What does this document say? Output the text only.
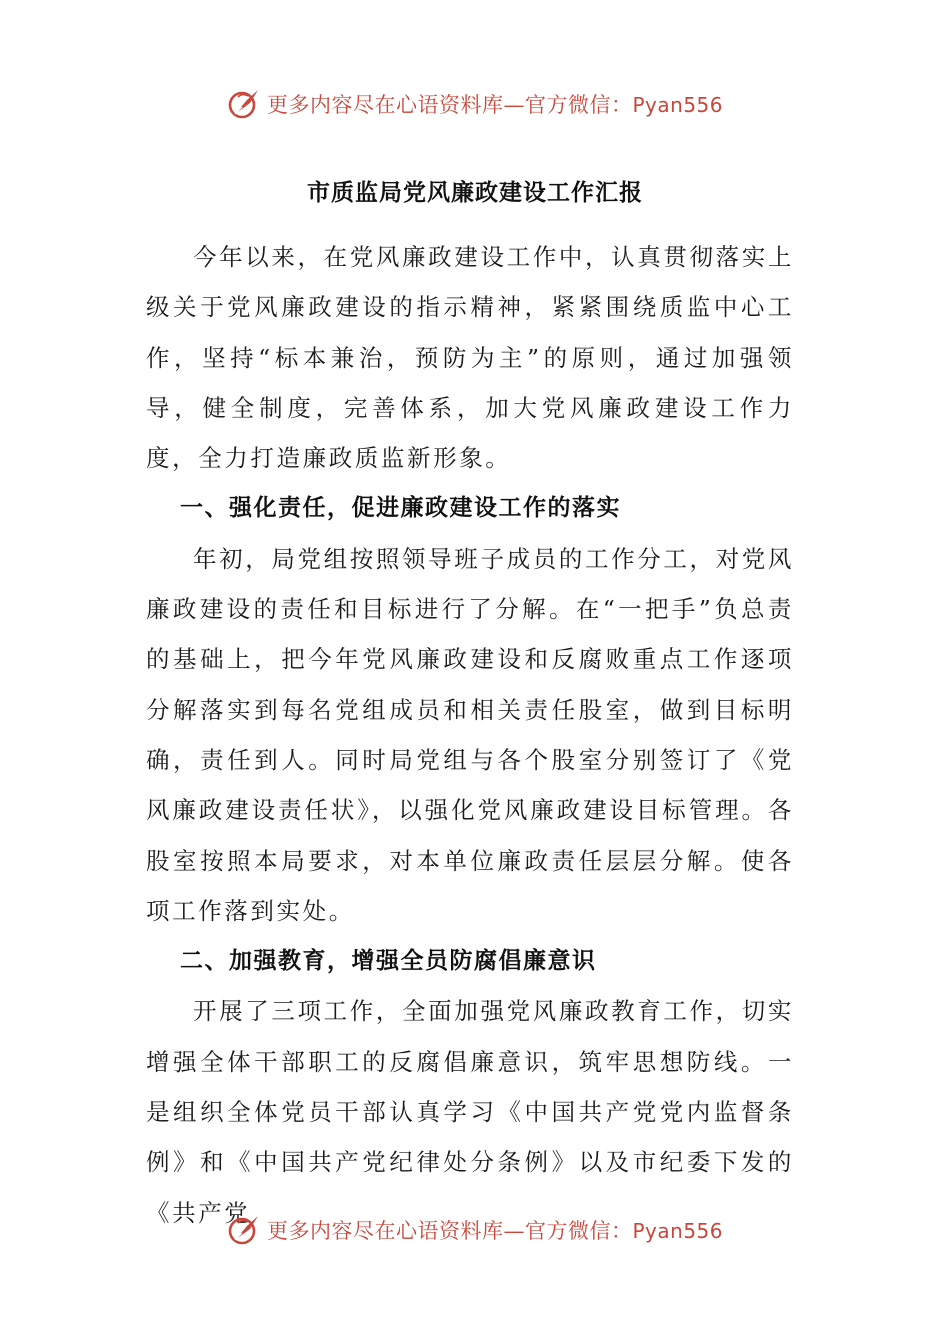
更多内容尽在心语资料库—官方微信：Pyan556
市质监局党风廉政建设工作汇报

今年以来，在党风廉政建设工作中，认真贯彻落实上级关于党风廉政建设的指示精神，紧紧围绕质监中心工作，坚持“标本兼治，预防为主”的原则，通过加强领导，健全制度，完善体系，加大党风廉政建设工作力度，全力打造廉政质监新形象。

一、强化责任，促进廉政建设工作的落实

年初，局党组按照领导班子成员的工作分工，对党风廉政建设的责任和目标进行了分解。在“一把手”负总责的基础上，把今年党风廉政建设和反腐败重点工作逐项分解落实到每名党组成员和相关责任股室，做到目标明确，责任到人。同时局党组与各个股室分别签订了《党风廉政建设责任状》，以强化党风廉政建设目标管理。各股室按照本局要求，对本单位廉政责任层层分解。使各项工作落到实处。

二、加强教育，增强全员防腐倡廉意识

开展了三项工作，全面加强党风廉政教育工作，切实增强全体干部职工的反腐倡廉意识，筑牢思想防线。一是组织全体党员干部认真学习《中国共产党党内监督条例》和《中国共产党纪律处分条例》以及市纪委下发的《共产党

更多内容尽在心语资料库—官方微信：Pyan556
